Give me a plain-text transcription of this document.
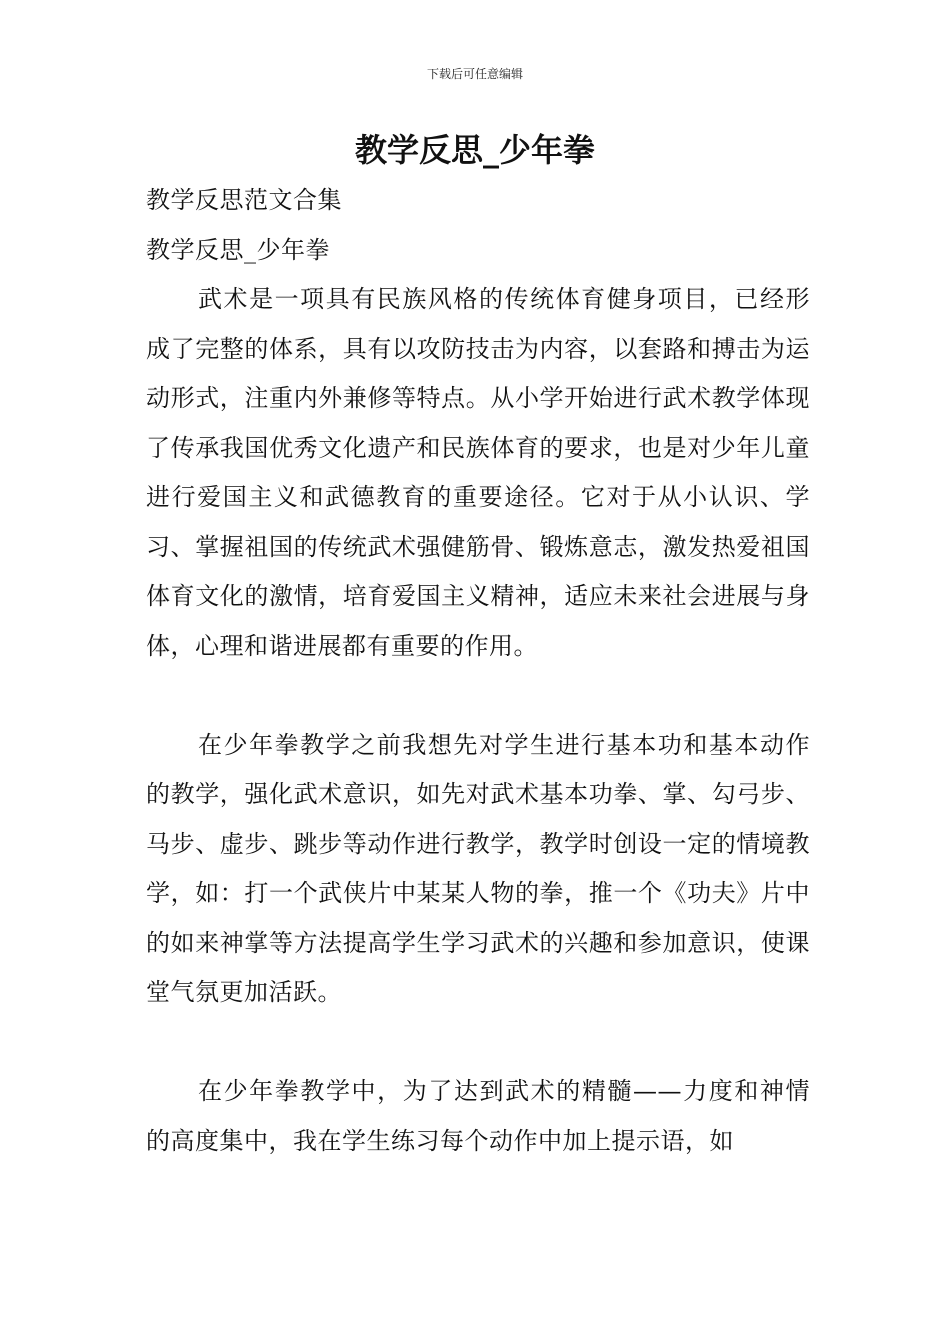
下载后可任意编辑
教学反思_少年拳

教学反思范文合集

教学反思_少年拳

武术是一项具有民族风格的传统体育健身项目，已经形成了完整的体系，具有以攻防技击为内容，以套路和搏击为运动形式，注重内外兼修等特点。从小学开始进行武术教学体现了传承我国优秀文化遗产和民族体育的要求，也是对少年儿童进行爱国主义和武德教育的重要途径。它对于从小认识、学习、掌握祖国的传统武术强健筋骨、锻炼意志，激发热爱祖国体育文化的激情，培育爱国主义精神，适应未来社会进展与身体，心理和谐进展都有重要的作用。

在少年拳教学之前我想先对学生进行基本功和基本动作的教学，强化武术意识，如先对武术基本功拳、掌、勾弓步、马步、虚步、跳步等动作进行教学，教学时创设一定的情境教学，如：打一个武侠片中某某人物的拳，推一个《功夫》片中的如来神掌等方法提高学生学习武术的兴趣和参加意识，使课堂气氛更加活跃。

在少年拳教学中，为了达到武术的精髓——力度和神情的高度集中，我在学生练习每个动作中加上提示语，如
